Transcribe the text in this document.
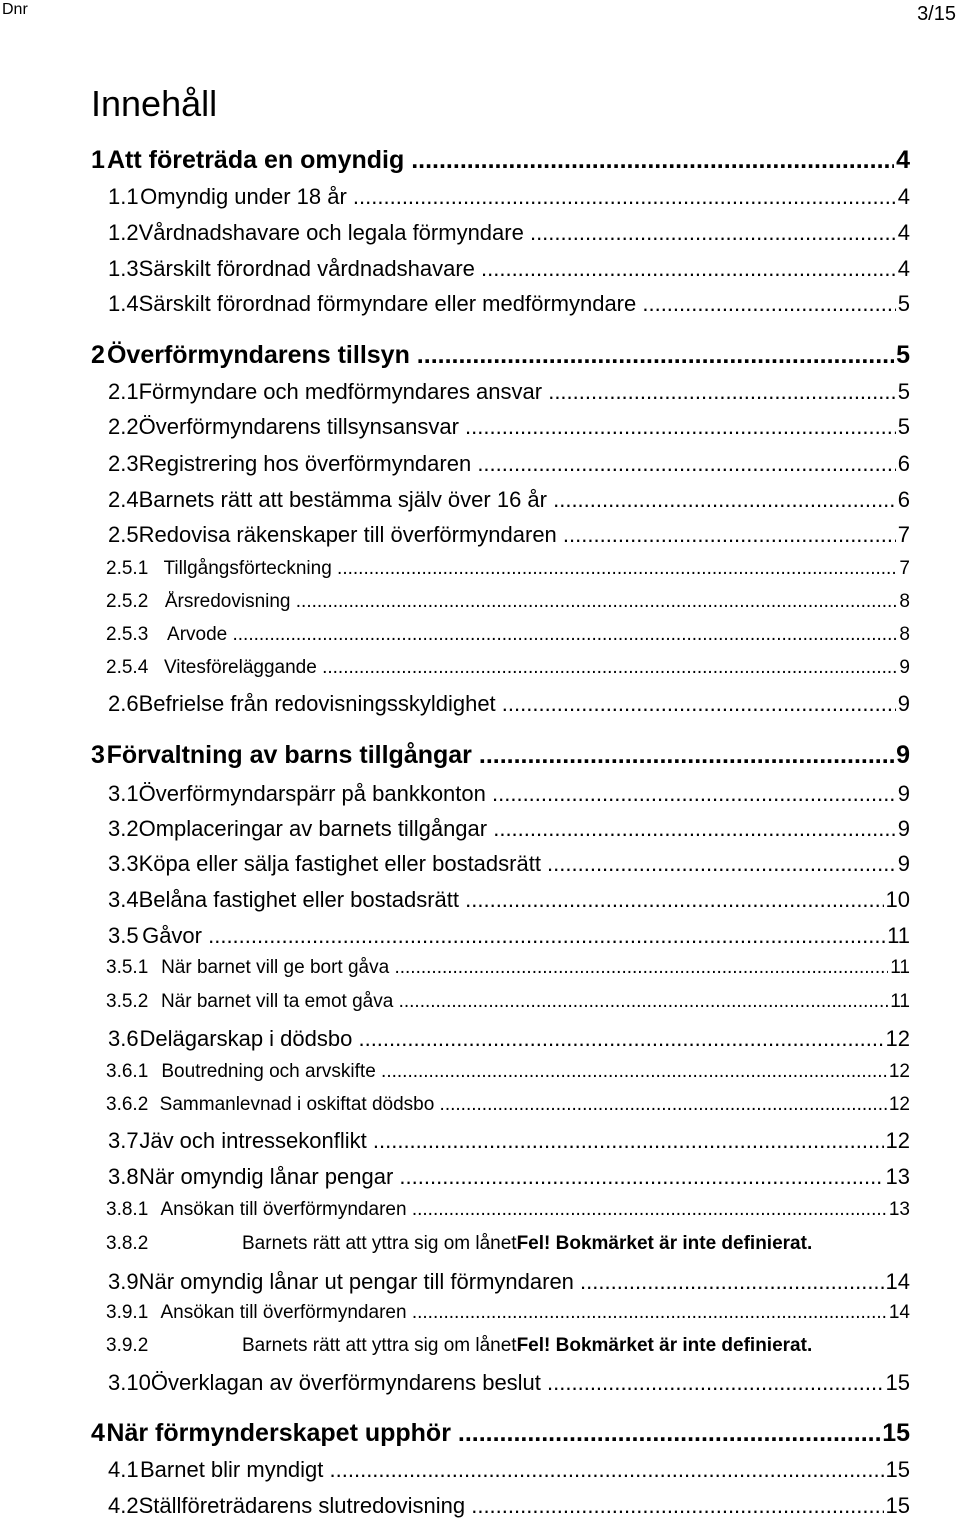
Dnr	3/15
Innehåll
1 Att företräda en omyndig .....	4
1.1 Omyndig under 18 år .....	4
1.2 Vårdnadshavare och legala förmyndare .....	4
1.3 Särskilt förordnad vårdnadshavare .....	4
1.4 Särskilt förordnad förmyndare eller medförmyndare .....	5
2 Överförmyndarens tillsyn .....	5
2.1 Förmyndare och medförmyndares ansvar .....	5
2.2 Överförmyndarens tillsynsansvar .....	5
2.3 Registrering hos överförmyndaren .....	6
2.4 Barnets rätt att bestämma själv över 16 år .....	6
2.5 Redovisa räkenskaper till överförmyndaren .....	7
2.5.1 Tillgångsförteckning .....	7
2.5.2 Årsredovisning .....	8
2.5.3 Arvode .....	8
2.5.4 Vitesföreläggande .....	9
2.6 Befrielse från redovisningsskyldighet .....	9
3 Förvaltning av barns tillgångar .....	9
3.1 Överförmyndarspärr på bankkonton .....	9
3.2 Omplaceringar av barnets tillgångar .....	9
3.3 Köpa eller sälja fastighet eller bostadsrätt .....	9
3.4 Belåna fastighet eller bostadsrätt .....	10
3.5 Gåvor .....	11
3.5.1 När barnet vill ge bort gåva .....	11
3.5.2 När barnet vill ta emot gåva .....	11
3.6 Delägarskap i dödsbo .....	12
3.6.1 Boutredning och arvskifte .....	12
3.6.2 Sammanlevnad i oskiftat dödsbo .....	12
3.7 Jäv och intressekonflikt .....	12
3.8 När omyndig lånar pengar .....	13
3.8.1 Ansökan till överförmyndaren .....	13
3.8.2	Barnets rätt att yttra sig om lånet Fel! Bokmärket är inte definierat.
3.9 När omyndig lånar ut pengar till förmyndaren .....	14
3.9.1 Ansökan till överförmyndaren .....	14
3.9.2	Barnets rätt att yttra sig om lånet Fel! Bokmärket är inte definierat.
3.10 Överklagan av överförmyndarens beslut .....	15
4 När förmynderskapet upphör .....	15
4.1 Barnet blir myndigt .....	15
4.2 Ställföreträdarens slutredovisning .....	15
